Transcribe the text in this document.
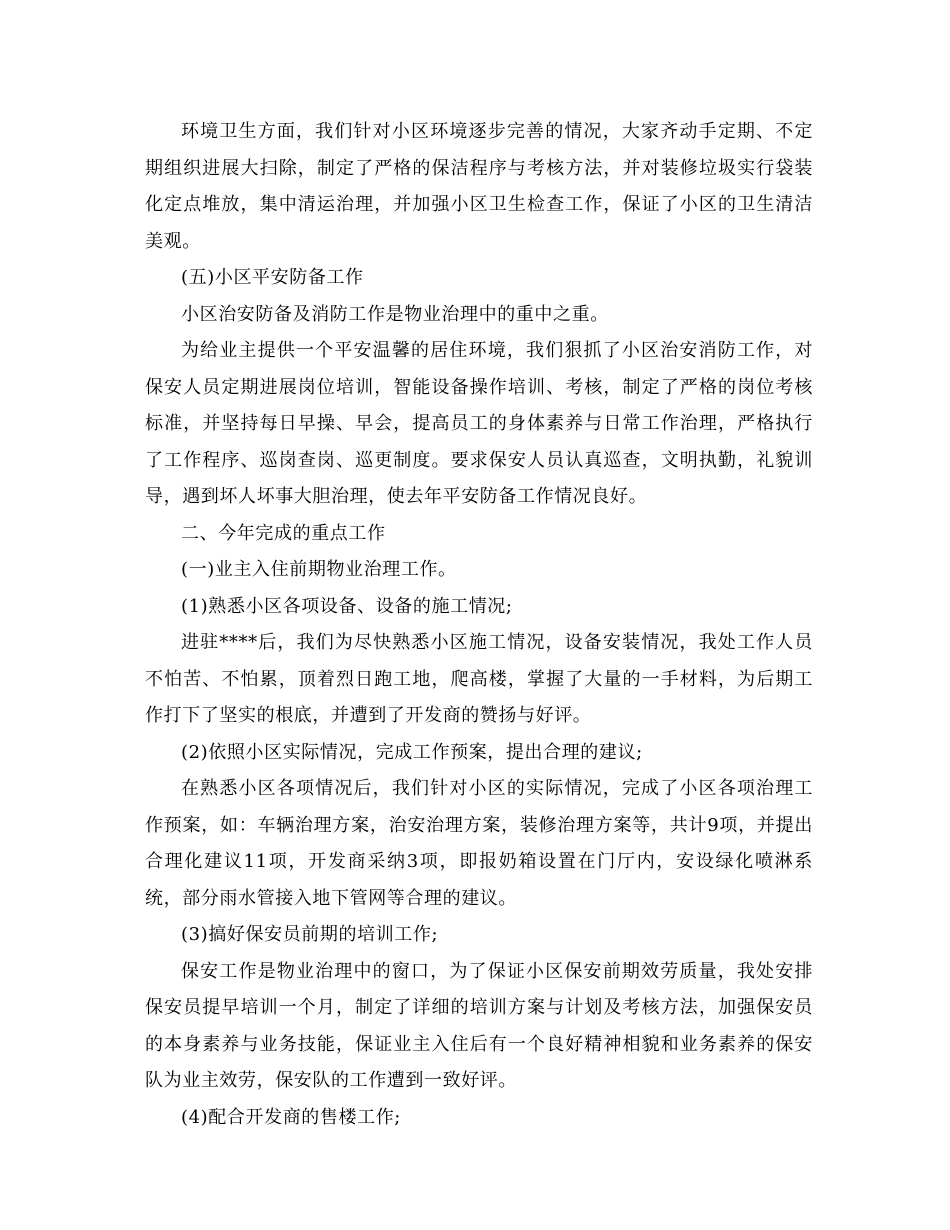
环境卫生方面，我们针对小区环境逐步完善的情况，大家齐动手定期、不定期组织进展大扫除，制定了严格的保洁程序与考核方法，并对装修垃圾实行袋装化定点堆放，集中清运治理，并加强小区卫生检查工作，保证了小区的卫生清洁美观。

(五)小区平安防备工作

小区治安防备及消防工作是物业治理中的重中之重。

为给业主提供一个平安温馨的居住环境，我们狠抓了小区治安消防工作，对保安人员定期进展岗位培训，智能设备操作培训、考核，制定了严格的岗位考核标准，并坚持每日早操、早会，提高员工的身体素养与日常工作治理，严格执行了工作程序、巡岗查岗、巡更制度。要求保安人员认真巡查，文明执勤，礼貌训导，遇到坏人坏事大胆治理，使去年平安防备工作情况良好。

二、今年完成的重点工作

(一)业主入住前期物业治理工作。

(1)熟悉小区各项设备、设备的施工情况;

进驻****后，我们为尽快熟悉小区施工情况，设备安装情况，我处工作人员不怕苦、不怕累，顶着烈日跑工地，爬高楼，掌握了大量的一手材料，为后期工作打下了坚实的根底，并遭到了开发商的赞扬与好评。

(2)依照小区实际情况，完成工作预案，提出合理的建议;

在熟悉小区各项情况后，我们针对小区的实际情况，完成了小区各项治理工作预案，如：车辆治理方案，治安治理方案，装修治理方案等，共计9项，并提出合理化建议11项，开发商采纳3项，即报奶箱设置在门厅内，安设绿化喷淋系统，部分雨水管接入地下管网等合理的建议。

(3)搞好保安员前期的培训工作;

保安工作是物业治理中的窗口，为了保证小区保安前期效劳质量，我处安排保安员提早培训一个月，制定了详细的培训方案与计划及考核方法，加强保安员的本身素养与业务技能，保证业主入住后有一个良好精神相貌和业务素养的保安队为业主效劳，保安队的工作遭到一致好评。

(4)配合开发商的售楼工作;
